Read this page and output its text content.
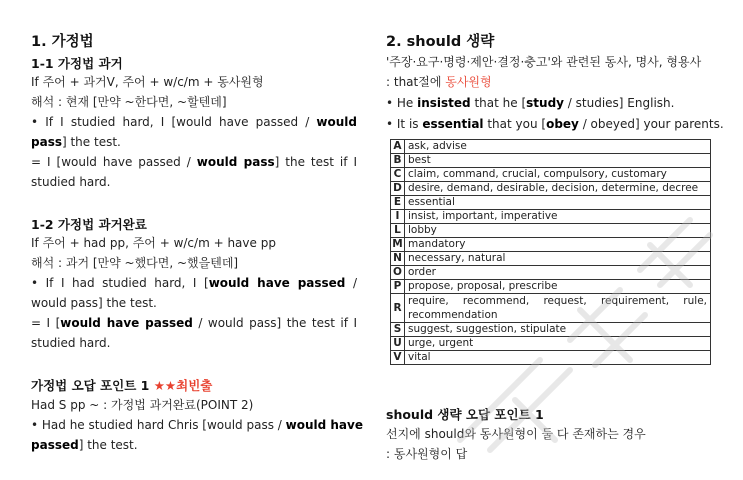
1. 가정법
1-1 가정법 과거
If 주어 + 과거V, 주어 + w/c/m + 동사원형
해석 : 현재 [만약 ~한다면, ~할텐데]
• If I studied hard, I [would have passed / would
pass] the test.
= I [would have passed / would pass] the test if I
studied hard.
1-2 가정법 과거완료
If 주어 + had pp, 주어 + w/c/m + have pp
해석 : 과거 [만약 ~했다면, ~했을텐데]
• If I had studied hard, I [would have passed /
would pass] the test.
= I [would have passed / would pass] the test if I
studied hard.
가정법 오답 포인트 1 ★★최빈출
Had S pp ~ : 가정법 과거완료(POINT 2)
• Had he studied hard Chris [would pass / would have
passed] the test.
2. should 생략
'주장·요구·명령·제안·결정·충고'와 관련된 동사, 명사, 형용사
: that절에 동사원형
• He insisted that he [study / studies] English.
• It is essential that you [obey / obeyed] your parents.
A	ask, advise
B	best
C	claim, command, crucial, compulsory, customary
D	desire, demand, desirable, decision, determine, decree
E	essential
I	insist, important, imperative
L	lobby
M	mandatory
N	necessary, natural
O	order
P	propose, proposal, prescribe
R	require, recommend, request, requirement, rule,
recommendation

S	suggest, suggestion, stipulate
U	urge, urgent
V	vital
should 생략 오답 포인트 1
선지에 should와 동사원형이 둘 다 존재하는 경우
: 동사원형이 답
